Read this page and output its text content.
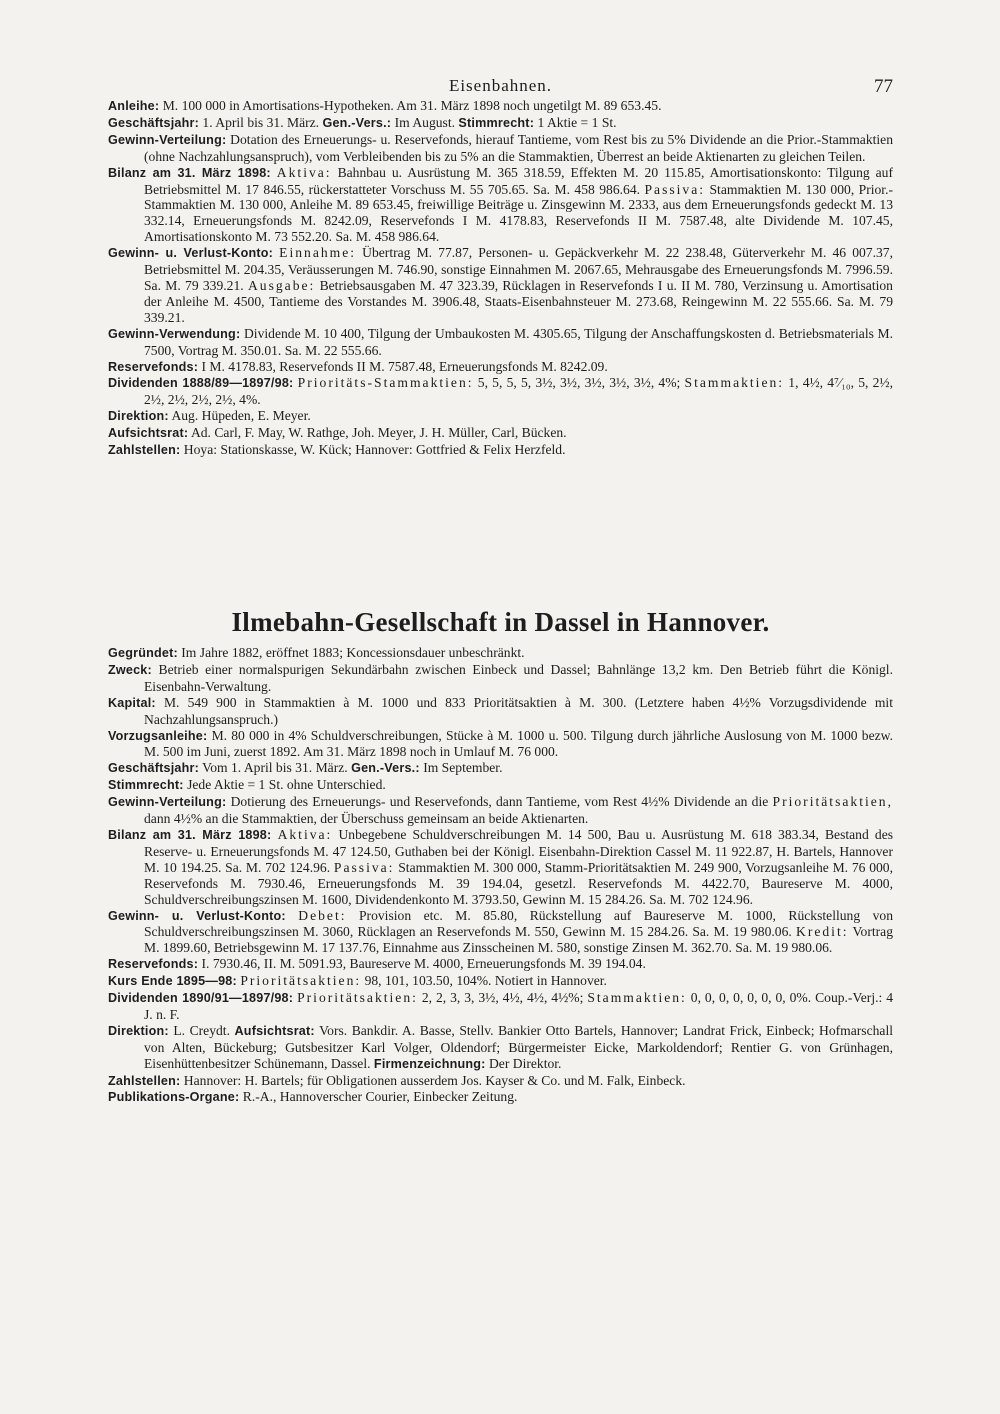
Eisenbahnen.	77

Anleihe: M. 100 000 in Amortisations-Hypotheken. Am 31. März 1898 noch ungetilgt M. 89 653.45.

Geschäftsjahr: 1. April bis 31. März. Gen.-Vers.: Im August. Stimmrecht: 1 Aktie = 1 St.

Gewinn-Verteilung: Dotation des Erneuerungs- u. Reservefonds, hierauf Tantieme, vom Rest bis zu 5% Dividende an die Prior.-Stammaktien (ohne Nachzahlungsanspruch), vom Verbleibenden bis zu 5% an die Stammaktien, Überrest an beide Aktienarten zu gleichen Teilen.

Bilanz am 31. März 1898: Aktiva: Bahnbau u. Ausrüstung M. 365 318.59, Effekten M. 20 115.85, Amortisationskonto: Tilgung auf Betriebsmittel M. 17 846.55, rückerstatteter Vorschuss M. 55 705.65. Sa. M. 458 986.64. Passiva: Stammaktien M. 130 000, Prior.-Stammaktien M. 130 000, Anleihe M. 89 653.45, freiwillige Beiträge u. Zinsgewinn M. 2333, aus dem Erneuerungsfonds gedeckt M. 13 332.14, Erneuerungsfonds M. 8242.09, Reservefonds I M. 4178.83, Reservefonds II M. 7587.48, alte Dividende M. 107.45, Amortisationskonto M. 73 552.20. Sa. M. 458 986.64.

Gewinn- u. Verlust-Konto: Einnahme: Übertrag M. 77.87, Personen- u. Gepäckverkehr M. 22 238.48, Güterverkehr M. 46 007.37, Betriebsmittel M. 204.35, Veräusserungen M. 746.90, sonstige Einnahmen M. 2067.65, Mehrausgabe des Erneuerungsfonds M. 7996.59. Sa. M. 79 339.21. Ausgabe: Betriebsausgaben M. 47 323.39, Rücklagen in Reservefonds I u. II M. 780, Verzinsung u. Amortisation der Anleihe M. 4500, Tantieme des Vorstandes M. 3906.48, Staats-Eisenbahnsteuer M. 273.68, Reingewinn M. 22 555.66. Sa. M. 79 339.21.

Gewinn-Verwendung: Dividende M. 10 400, Tilgung der Umbaukosten M. 4305.65, Tilgung der Anschaffungskosten d. Betriebsmaterials M. 7500, Vortrag M. 350.01. Sa. M. 22 555.66.

Reservefonds: I M. 4178.83, Reservefonds II M. 7587.48, Erneuerungsfonds M. 8242.09.

Dividenden 1888/89—1897/98: Prioritäts-Stammaktien: 5, 5, 5, 5, 3½, 3½, 3½, 3½, 3½, 4%; Stammaktien: 1, 4½, 4⁷⁄₁₀, 5, 2½, 2½, 2½, 2½, 2½, 4%.

Direktion: Aug. Hüpeden, E. Meyer.

Aufsichtsrat: Ad. Carl, F. May, W. Rathge, Joh. Meyer, J. H. Müller, Carl, Bücken.

Zahlstellen: Hoya: Stationskasse, W. Kück; Hannover: Gottfried & Felix Herzfeld.

Ilmebahn-Gesellschaft in Dassel in Hannover.

Gegründet: Im Jahre 1882, eröffnet 1883; Koncessionsdauer unbeschränkt.

Zweck: Betrieb einer normalspurigen Sekundärbahn zwischen Einbeck und Dassel; Bahnlänge 13,2 km. Den Betrieb führt die Königl. Eisenbahn-Verwaltung.

Kapital: M. 549 900 in Stammaktien à M. 1000 und 833 Prioritätsaktien à M. 300. (Letztere haben 4½% Vorzugsdividende mit Nachzahlungsanspruch.)

Vorzugsanleihe: M. 80 000 in 4% Schuldverschreibungen, Stücke à M. 1000 u. 500. Tilgung durch jährliche Auslosung von M. 1000 bezw. M. 500 im Juni, zuerst 1892. Am 31. März 1898 noch in Umlauf M. 76 000.

Geschäftsjahr: Vom 1. April bis 31. März. Gen.-Vers.: Im September.

Stimmrecht: Jede Aktie = 1 St. ohne Unterschied.

Gewinn-Verteilung: Dotierung des Erneuerungs- und Reservefonds, dann Tantieme, vom Rest 4½% Dividende an die Prioritätsaktien, dann 4½% an die Stammaktien, der Überschuss gemeinsam an beide Aktienarten.

Bilanz am 31. März 1898: Aktiva: Unbegebene Schuldverschreibungen M. 14 500, Bau u. Ausrüstung M. 618 383.34, Bestand des Reserve- u. Erneuerungsfonds M. 47 124.50, Guthaben bei der Königl. Eisenbahn-Direktion Cassel M. 11 922.87, H. Bartels, Hannover M. 10 194.25. Sa. M. 702 124.96. Passiva: Stammaktien M. 300 000, Stamm-Prioritätsaktien M. 249 900, Vorzugsanleihe M. 76 000, Reservefonds M. 7930.46, Erneuerungsfonds M. 39 194.04, gesetzl. Reservefonds M. 4422.70, Baureserve M. 4000, Schuldverschreibungszinsen M. 1600, Dividendenkonto M. 3793.50, Gewinn M. 15 284.26. Sa. M. 702 124.96.

Gewinn- u. Verlust-Konto: Debet: Provision etc. M. 85.80, Rückstellung auf Baureserve M. 1000, Rückstellung von Schuldverschreibungszinsen M. 3060, Rücklagen an Reservefonds M. 550, Gewinn M. 15 284.26. Sa. M. 19 980.06. Kredit: Vortrag M. 1899.60, Betriebsgewinn M. 17 137.76, Einnahme aus Zinsscheinen M. 580, sonstige Zinsen M. 362.70. Sa. M. 19 980.06.

Reservefonds: I. 7930.46, II. M. 5091.93, Baureserve M. 4000, Erneuerungsfonds M. 39 194.04.

Kurs Ende 1895—98: Prioritätsaktien: 98, 101, 103.50, 104%. Notiert in Hannover.

Dividenden 1890/91—1897/98: Prioritätsaktien: 2, 2, 3, 3, 3½, 4½, 4½, 4½%; Stammaktien: 0, 0, 0, 0, 0, 0, 0, 0%. Coup.-Verj.: 4 J. n. F.

Direktion: L. Creydt. Aufsichtsrat: Vors. Bankdir. A. Basse, Stellv. Bankier Otto Bartels, Hannover; Landrat Frick, Einbeck; Hofmarschall von Alten, Bückeburg; Gutsbesitzer Karl Volger, Oldendorf; Bürgermeister Eicke, Markoldendorf; Rentier G. von Grünhagen, Eisenhüttenbesitzer Schünemann, Dassel. Firmenzeichnung: Der Direktor.

Zahlstellen: Hannover: H. Bartels; für Obligationen ausserdem Jos. Kayser & Co. und M. Falk, Einbeck.

Publikations-Organe: R.-A., Hannoverscher Courier, Einbecker Zeitung.
